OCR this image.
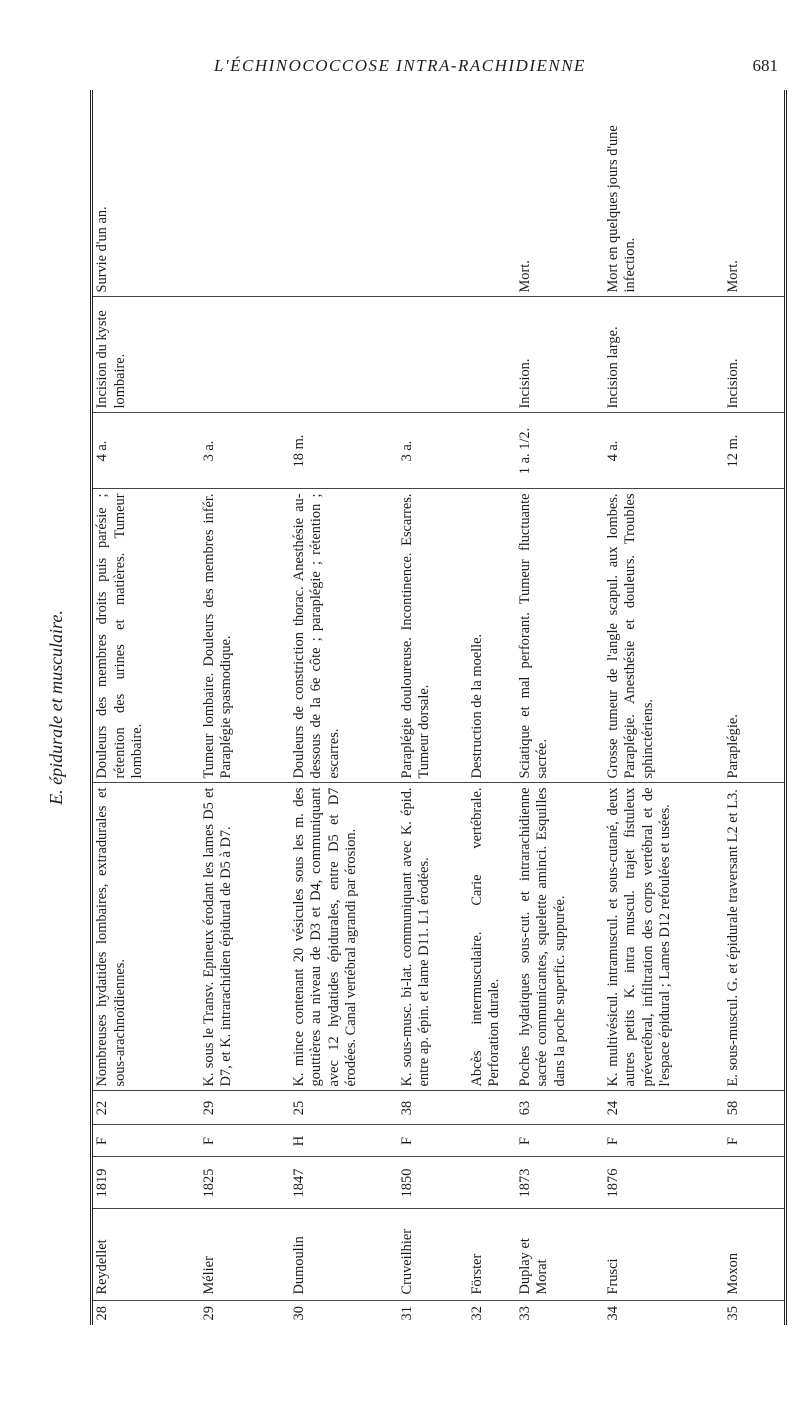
L'ÉCHINOCOCCOSE INTRA-RACHIDIENNE	681
E. épidurale et musculaire.
28	Reydellet	1819	F	22	Nombreuses hydatides lombaires, extradurales et sous-arachnoïdiennes.	Douleurs des membres droits puis parésie ; rétention des urines et matières. Tumeur lombaire.	4 a.	Incision du kyste lombaire.	Survie d'un an.

29	Mélier	1825	F	29	K. sous le Transv. Epineux érodant les lames D5 et D7, et K. intrarachidien épidural de D5 à D7.	Tumeur lombaire. Douleurs des membres infér. Paraplégie spasmodique.	3 a.		

30	Dumoulin	1847	H	25	K. mince contenant 20 vésicules sous les m. des gouttières au niveau de D3 et D4, communiquant avec 12 hydatides épidurales, entre D5 et D7 érodées. Canal vertébral agrandi par érosion.	Douleurs de constriction thorac. Anesthésie au-dessous de la 6e côte ; paraplégie ; rétention ; escarres.	18 m.		

31	Cruveilhier	1850	F	38	K. sous-musc. bi-lat. communiquant avec K. épid. entre ap. épin. et lame D11. L1 érodées.	Paraplégie douloureuse. Incontinence. Escarres. Tumeur dorsale.	3 a.		

32	Förster				Abcès intermusculaire. Carie vertébrale. Perforation durale.	Destruction de la moelle.			

33	Duplay et Morat	1873	F	63	Poches hydatiques sous-cut. et intrarachidienne sacrée communicantes, squelette aminci. Esquilles dans la poche superfic. suppurée.	Sciatique et mal perforant. Tumeur fluctuante sacrée.	1 a. 1/2.	Incision.	Mort.

34	Frusci	1876	F	24	K. multivésicul. intramuscul. et sous-cutané, deux autres petits K. intra muscul. trajet fistuleux prévertébral, infiltration des corps vertébral et de l'espace épidural ; Lames D12 refoulées et usées.	Grosse tumeur de l'angle scapul. aux lombes. Paraplégie. Anesthésie et douleurs. Troubles sphinctériens.	4 a.	Incision large.	Mort en quelques jours d'une infection.

35	Moxon		F	58	E. sous-muscul. G. et épidurale traversant L2 et L3.	Paraplégie.	12 m.	Incision.	Mort.
